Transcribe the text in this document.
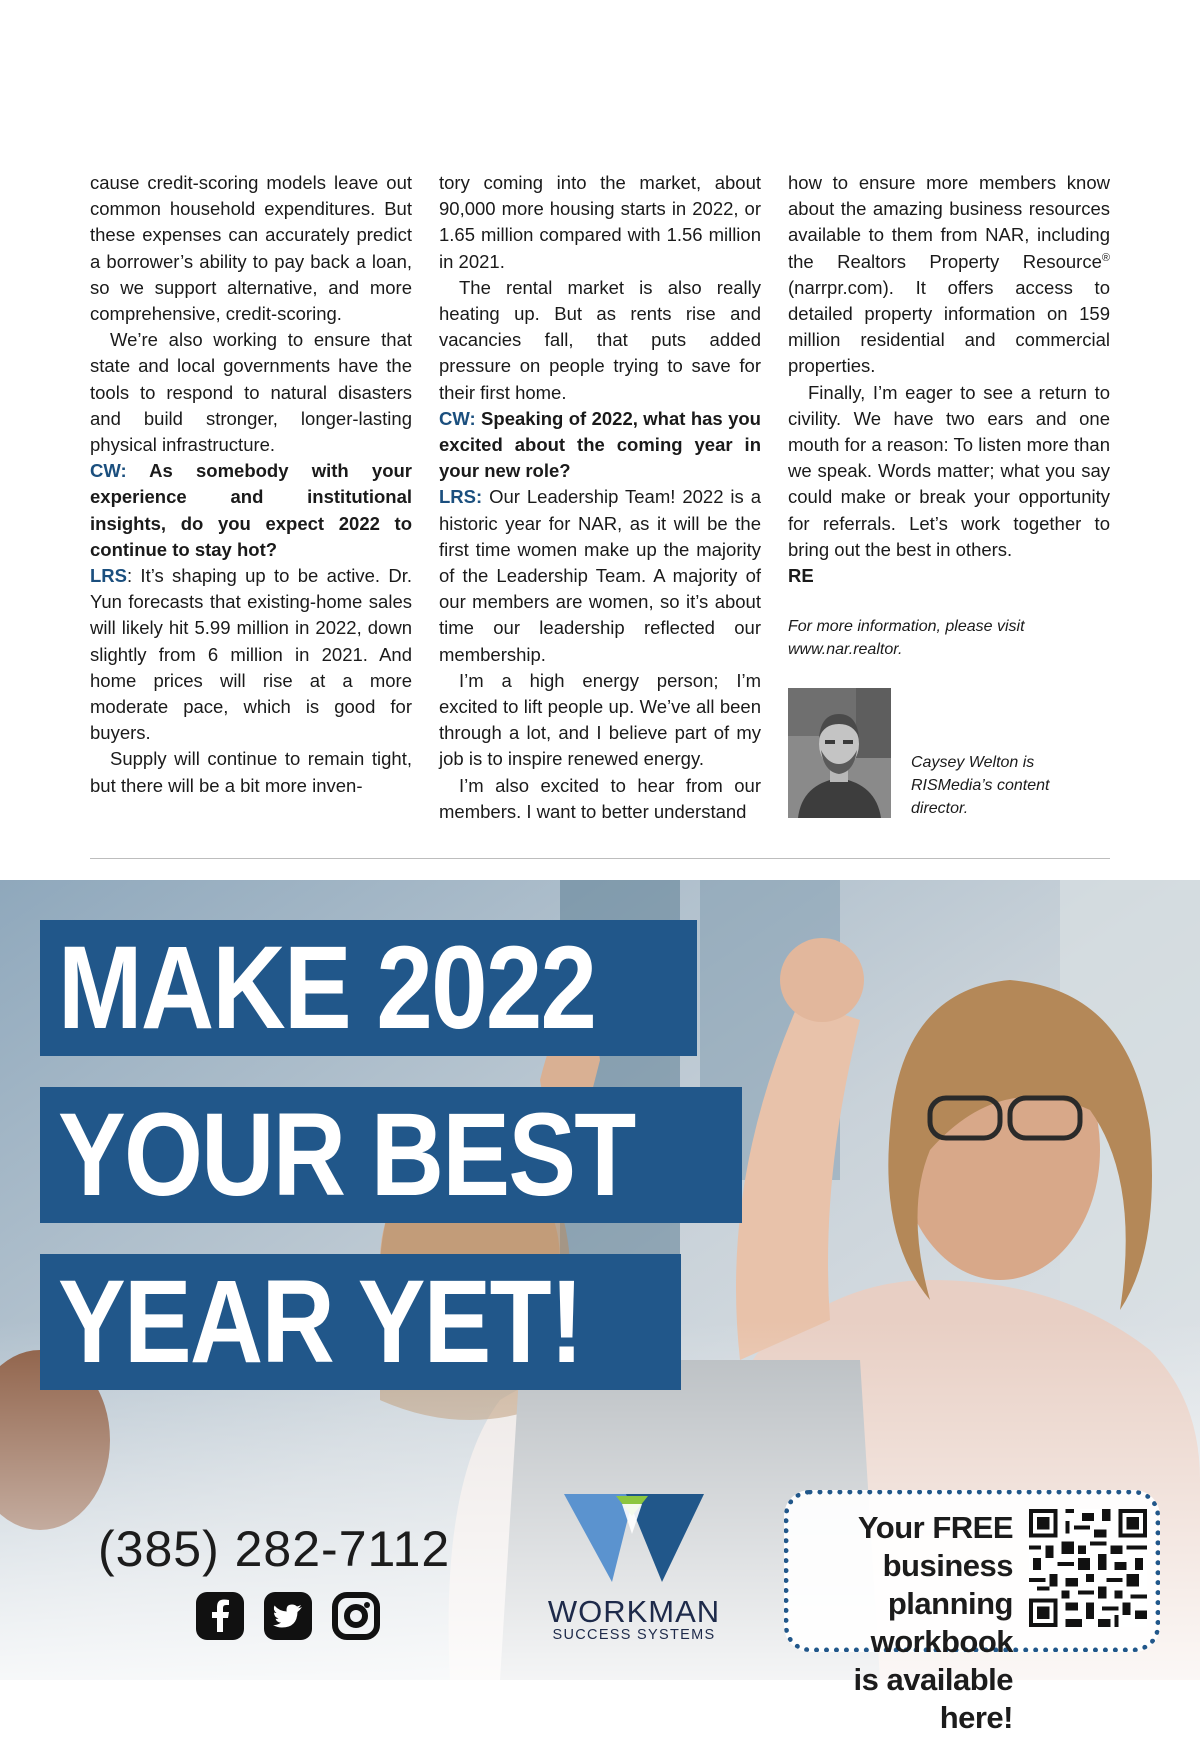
cause credit-scoring models leave out common household expenditures. But these expenses can accurately predict a borrower’s ability to pay back a loan, so we support alternative, and more comprehensive, credit-scoring.

We’re also working to ensure that state and local governments have the tools to respond to natural disasters and build stronger, longer-lasting physical infrastructure.

CW: As somebody with your experience and institutional insights, do you expect 2022 to continue to stay hot?

LRS: It’s shaping up to be active. Dr. Yun forecasts that existing-home sales will likely hit 5.99 million in 2022, down slightly from 6 million in 2021. And home prices will rise at a more moderate pace, which is good for buyers.

Supply will continue to remain tight, but there will be a bit more inven-

tory coming into the market, about 90,000 more housing starts in 2022, or 1.65 million compared with 1.56 million in 2021.

The rental market is also really heating up. But as rents rise and vacancies fall, that puts added pressure on people trying to save for their first home.

CW: Speaking of 2022, what has you excited about the coming year in your new role?

LRS: Our Leadership Team! 2022 is a historic year for NAR, as it will be the first time women make up the majority of the Leadership Team. A majority of our members are women, so it’s about time our leadership reflected our membership.

I’m a high energy person; I’m excited to lift people up. We’ve all been through a lot, and I believe part of my job is to inspire renewed energy.

I’m also excited to hear from our members. I want to better understand

how to ensure more members know about the amazing business resources available to them from NAR, including the Realtors Property Resource® (narrpr.com). It offers access to detailed property information on 159 million residential and commercial properties.

Finally, I’m eager to see a return to civility. We have two ears and one mouth for a reason: To listen more than we speak. Words matter; what you say could make or break your opportunity for referrals. Let’s work together to bring out the best in others.

RE

For more information, please visit
www.nar.realtor.

Caysey Welton is RISMedia’s content director.

MAKE 2022
YOUR BEST
YEAR YET!

(385) 282-7112

WORKMAN

SUCCESS SYSTEMS

Your FREE business
planning workbook
is available here!
